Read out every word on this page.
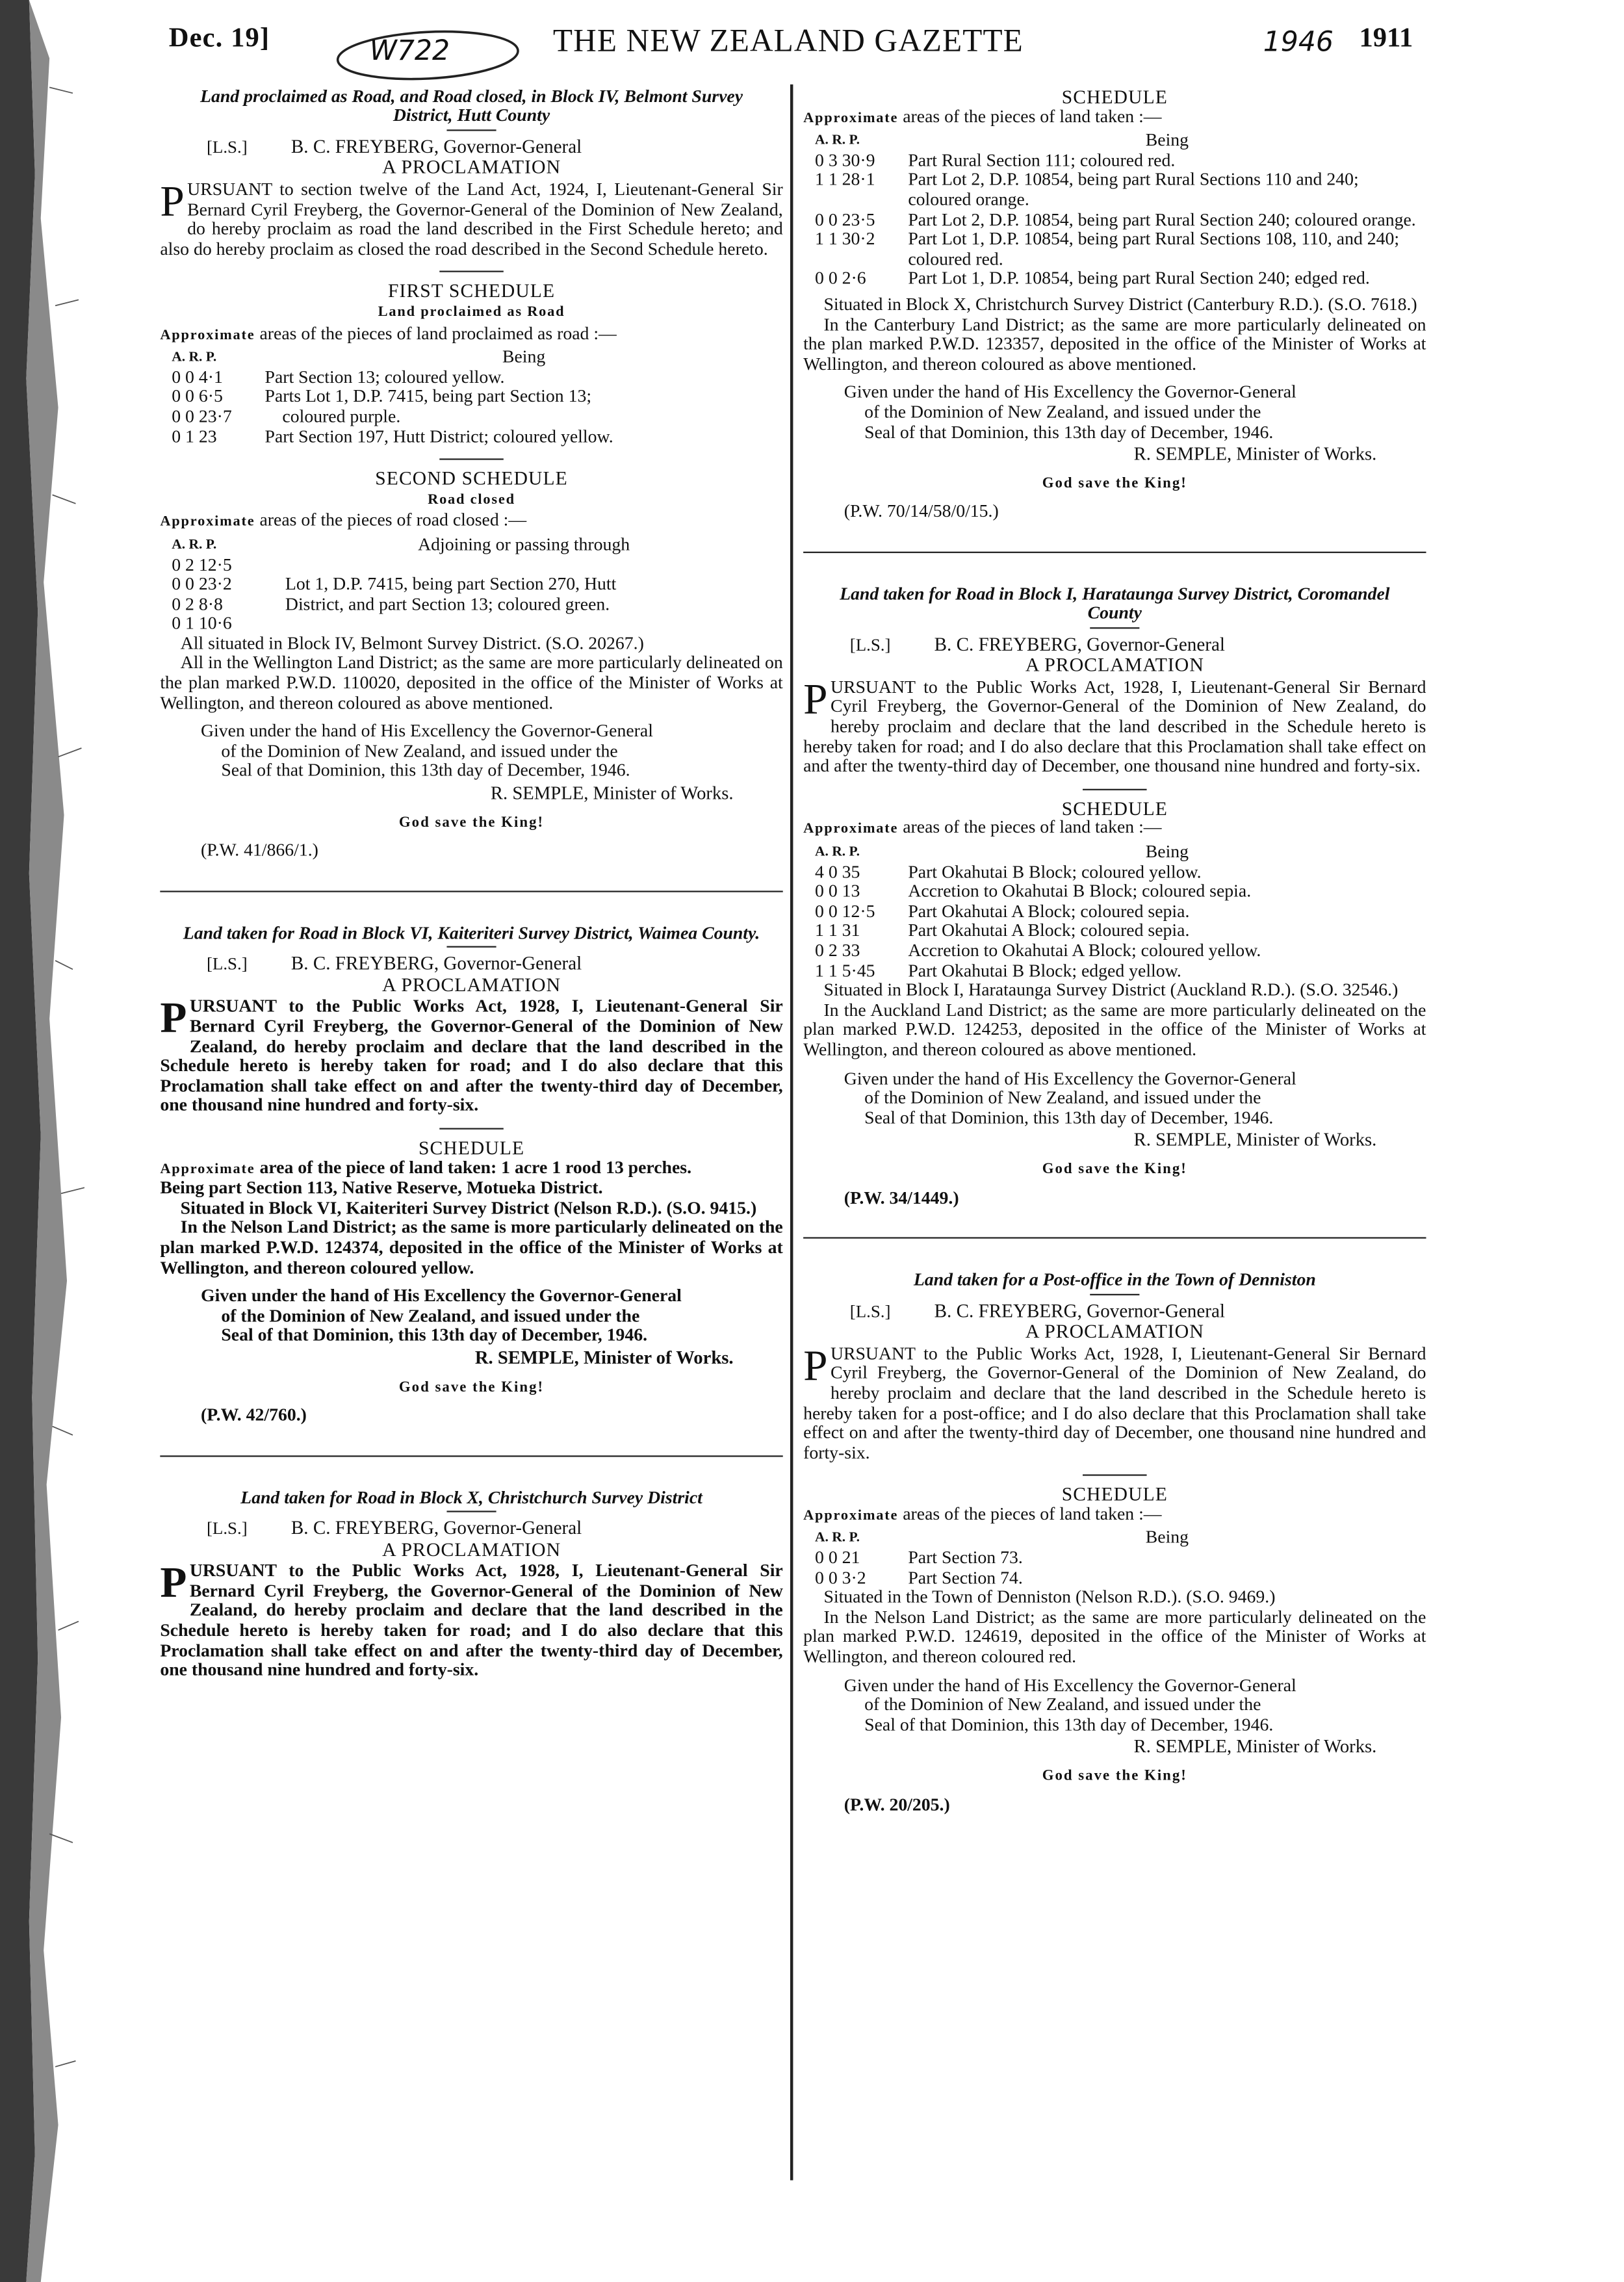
Dec. 19]	W722	THE NEW ZEALAND GAZETTE	1946 1911
Land proclaimed as Road, and Road closed, in Block IV, Belmont Survey District, Hutt County
[L.S.]	B. C. FREYBERG, Governor-General
A PROCLAMATION
PURSUANT to section twelve of the Land Act, 1924, I, Lieutenant-General Sir Bernard Cyril Freyberg, the Governor-General of the Dominion of New Zealand, do hereby proclaim as road the land described in the First Schedule hereto; and also do hereby proclaim as closed the road described in the Second Schedule hereto.
FIRST SCHEDULE
Land proclaimed as Road
Approximate areas of the pieces of land proclaimed as road :—
A. R. P.	Being
0 0 4·1	Part Section 13; coloured yellow.
0 0 6·5	Parts Lot 1, D.P. 7415, being part Section 13;
0 0 23·7	coloured purple.
0 1 23	Part Section 197, Hutt District; coloured yellow.
SECOND SCHEDULE
Road closed
Approximate areas of the pieces of road closed :—
A. R. P.	Adjoining or passing through
0 2 12·5
0 0 23·2	Lot 1, D.P. 7415, being part Section 270, Hutt
0 2 8·8	District, and part Section 13; coloured green.
0 1 10·6
All situated in Block IV, Belmont Survey District. (S.O. 20267.)
All in the Wellington Land District; as the same are more particularly delineated on the plan marked P.W.D. 110020, deposited in the office of the Minister of Works at Wellington, and thereon coloured as above mentioned.
Given under the hand of His Excellency the Governor-General
of the Dominion of New Zealand, and issued under the
Seal of that Dominion, this 13th day of December, 1946.
R. SEMPLE, Minister of Works.
God save the King!
(P.W. 41/866/1.)
Land taken for Road in Block VI, Kaiteriteri Survey District, Waimea County.
[L.S.]	B. C. FREYBERG, Governor-General
A PROCLAMATION
PURSUANT to the Public Works Act, 1928, I, Lieutenant-General Sir Bernard Cyril Freyberg, the Governor-General of the Dominion of New Zealand, do hereby proclaim and declare that the land described in the Schedule hereto is hereby taken for road; and I do also declare that this Proclamation shall take effect on and after the twenty-third day of December, one thousand nine hundred and forty-six.
SCHEDULE
Approximate area of the piece of land taken: 1 acre 1 rood 13 perches.
Being part Section 113, Native Reserve, Motueka District.
Situated in Block VI, Kaiteriteri Survey District (Nelson R.D.). (S.O. 9415.)
In the Nelson Land District; as the same is more particularly delineated on the plan marked P.W.D. 124374, deposited in the office of the Minister of Works at Wellington, and thereon coloured yellow.
Given under the hand of His Excellency the Governor-General
of the Dominion of New Zealand, and issued under the
Seal of that Dominion, this 13th day of December, 1946.
R. SEMPLE, Minister of Works.
God save the King!
(P.W. 42/760.)
Land taken for Road in Block X, Christchurch Survey District
[L.S.]	B. C. FREYBERG, Governor-General
A PROCLAMATION
PURSUANT to the Public Works Act, 1928, I, Lieutenant-General Sir Bernard Cyril Freyberg, the Governor-General of the Dominion of New Zealand, do hereby proclaim and declare that the land described in the Schedule hereto is hereby taken for road; and I do also declare that this Proclamation shall take effect on and after the twenty-third day of December, one thousand nine hundred and forty-six.
SCHEDULE
Approximate areas of the pieces of land taken :—
A. R. P.	Being
0 3 30·9	Part Rural Section 111; coloured red.
1 1 28·1	Part Lot 2, D.P. 10854, being part Rural Sections 110 and 240; coloured orange.
0 0 23·5	Part Lot 2, D.P. 10854, being part Rural Section 240; coloured orange.
1 1 30·2	Part Lot 1, D.P. 10854, being part Rural Sections 108, 110, and 240; coloured red.
0 0 2·6	Part Lot 1, D.P. 10854, being part Rural Section 240; edged red.
Situated in Block X, Christchurch Survey District (Canterbury R.D.). (S.O. 7618.)
In the Canterbury Land District; as the same are more particularly delineated on the plan marked P.W.D. 123357, deposited in the office of the Minister of Works at Wellington, and thereon coloured as above mentioned.
Given under the hand of His Excellency the Governor-General
of the Dominion of New Zealand, and issued under the
Seal of that Dominion, this 13th day of December, 1946.
R. SEMPLE, Minister of Works.
God save the King!
(P.W. 70/14/58/0/15.)
Land taken for Road in Block I, Harataunga Survey District, Coromandel County
[L.S.]	B. C. FREYBERG, Governor-General
A PROCLAMATION
PURSUANT to the Public Works Act, 1928, I, Lieutenant-General Sir Bernard Cyril Freyberg, the Governor-General of the Dominion of New Zealand, do hereby proclaim and declare that the land described in the Schedule hereto is hereby taken for road; and I do also declare that this Proclamation shall take effect on and after the twenty-third day of December, one thousand nine hundred and forty-six.
SCHEDULE
Approximate areas of the pieces of land taken :—
A. R. P.	Being
4 0 35	Part Okahutai B Block; coloured yellow.
0 0 13	Accretion to Okahutai B Block; coloured sepia.
0 0 12·5	Part Okahutai A Block; coloured sepia.
1 1 31	Part Okahutai A Block; coloured sepia.
0 2 33	Accretion to Okahutai A Block; coloured yellow.
1 1 5·45	Part Okahutai B Block; edged yellow.
Situated in Block I, Harataunga Survey District (Auckland R.D.). (S.O. 32546.)
In the Auckland Land District; as the same are more particularly delineated on the plan marked P.W.D. 124253, deposited in the office of the Minister of Works at Wellington, and thereon coloured as above mentioned.
Given under the hand of His Excellency the Governor-General
of the Dominion of New Zealand, and issued under the
Seal of that Dominion, this 13th day of December, 1946.
R. SEMPLE, Minister of Works.
God save the King!
(P.W. 34/1449.)
Land taken for a Post-office in the Town of Denniston
[L.S.]	B. C. FREYBERG, Governor-General
A PROCLAMATION
PURSUANT to the Public Works Act, 1928, I, Lieutenant-General Sir Bernard Cyril Freyberg, the Governor-General of the Dominion of New Zealand, do hereby proclaim and declare that the land described in the Schedule hereto is hereby taken for a post-office; and I do also declare that this Proclamation shall take effect on and after the twenty-third day of December, one thousand nine hundred and forty-six.
SCHEDULE
Approximate areas of the pieces of land taken :—
A. R. P.	Being
0 0 21	Part Section 73.
0 0 3·2	Part Section 74.
Situated in the Town of Denniston (Nelson R.D.). (S.O. 9469.)
In the Nelson Land District; as the same are more particularly delineated on the plan marked P.W.D. 124619, deposited in the office of the Minister of Works at Wellington, and thereon coloured red.
Given under the hand of His Excellency the Governor-General
of the Dominion of New Zealand, and issued under the
Seal of that Dominion, this 13th day of December, 1946.
R. SEMPLE, Minister of Works.
God save the King!
(P.W. 20/205.)
